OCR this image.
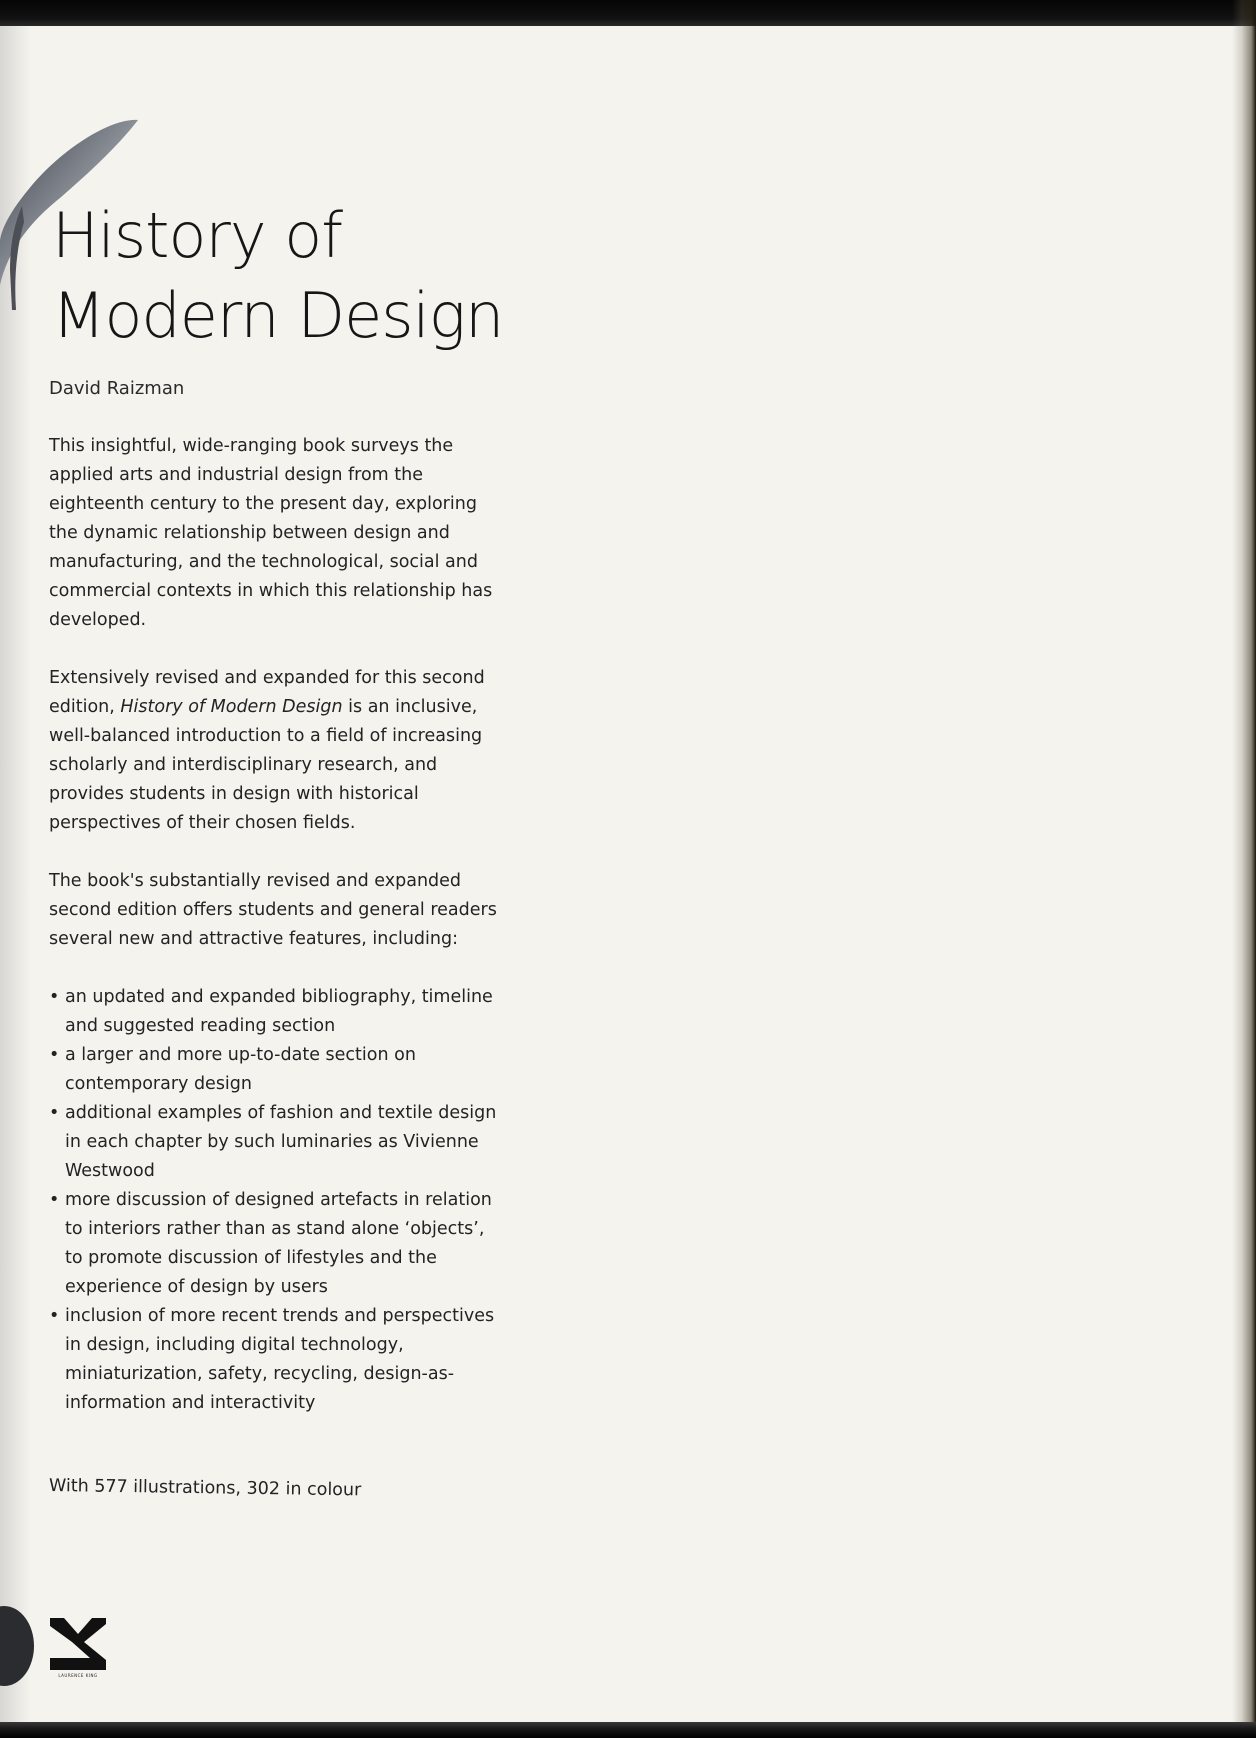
History of
Modern Design
David Raizman

This insightful, wide-ranging book surveys the applied arts and industrial design from the eighteenth century to the present day, exploring the dynamic relationship between design and manufacturing, and the technological, social and commercial contexts in which this relationship has developed.

Extensively revised and expanded for this second edition, History of Modern Design is an inclusive, well-balanced introduction to a field of increasing scholarly and interdisciplinary research, and provides students in design with historical perspectives of their chosen fields.

The book's substantially revised and expanded second edition offers students and general readers several new and attractive features, including:

• an updated and expanded bibliography, timeline and suggested reading section
• a larger and more up-to-date section on contemporary design
• additional examples of fashion and textile design in each chapter by such luminaries as Vivienne Westwood
• more discussion of designed artefacts in relation to interiors rather than as stand alone ‘objects’, to promote discussion of lifestyles and the experience of design by users
• inclusion of more recent trends and perspectives in design, including digital technology, miniaturization, safety, recycling, design-as-information and interactivity
With 577 illustrations, 302 in colour
LAURENCE KING
